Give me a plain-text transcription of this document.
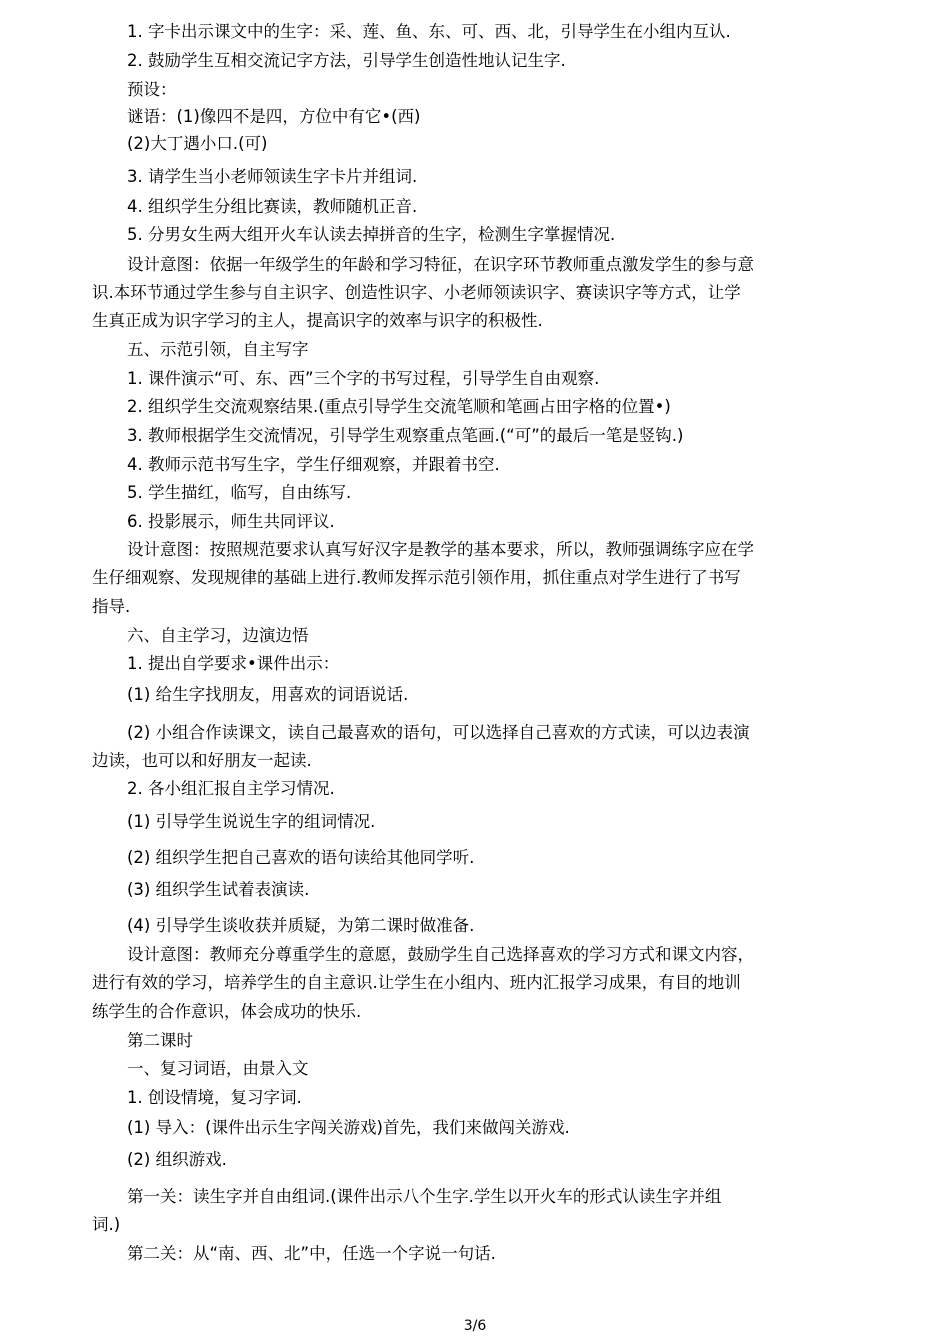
1. 字卡出示课文中的生字：采、莲、鱼、东、可、西、北，引导学生在小组内互认.
2. 鼓励学生互相交流记字方法，引导学生创造性地认记生字.
预设：
谜语：(1)像四不是四，方位中有它•(西)
(2)大丁遇小口.(可)
3. 请学生当小老师领读生字卡片并组词.
4. 组织学生分组比赛读，教师随机正音.
5. 分男女生两大组开火车认读去掉拼音的生字，检测生字掌握情况.
设计意图：依据一年级学生的年龄和学习特征，在识字环节教师重点激发学生的参与意
识.本环节通过学生参与自主识字、创造性识字、小老师领读识字、赛读识字等方式，让学
生真正成为识字学习的主人，提高识字的效率与识字的积极性.
五、示范引领，自主写字
1. 课件演示“可、东、西”三个字的书写过程，引导学生自由观察.
2. 组织学生交流观察结果.(重点引导学生交流笔顺和笔画占田字格的位置•)
3. 教师根据学生交流情况，引导学生观察重点笔画.(“可”的最后一笔是竖钩.)
4. 教师示范书写生字，学生仔细观察，并跟着书空.
5. 学生描红，临写，自由练写.
6. 投影展示，师生共同评议.
设计意图：按照规范要求认真写好汉字是教学的基本要求，所以，教师强调练字应在学
生仔细观察、发现规律的基础上进行.教师发挥示范引领作用，抓住重点对学生进行了书写
指导.
六、自主学习，边演边悟
1. 提出自学要求•课件出示：
(1) 给生字找朋友，用喜欢的词语说话.
(2) 小组合作读课文，读自己最喜欢的语句，可以选择自己喜欢的方式读，可以边表演
边读，也可以和好朋友一起读.
2. 各小组汇报自主学习情况.
(1) 引导学生说说生字的组词情况.
(2) 组织学生把自己喜欢的语句读给其他同学听.
(3) 组织学生试着表演读.
(4) 引导学生谈收获并质疑，为第二课时做准备.
设计意图：教师充分尊重学生的意愿，鼓励学生自己选择喜欢的学习方式和课文内容，
进行有效的学习，培养学生的自主意识.让学生在小组内、班内汇报学习成果，有目的地训
练学生的合作意识，体会成功的快乐.
第二课时
一、复习词语，由景入文
1. 创设情境，复习字词.
(1) 导入：(课件出示生字闯关游戏)首先，我们来做闯关游戏.
(2) 组织游戏.
第一关：读生字并自由组词.(课件出示八个生字.学生以开火车的形式认读生字并组
词.)
第二关：从“南、西、北”中，任选一个字说一句话.
3/6
